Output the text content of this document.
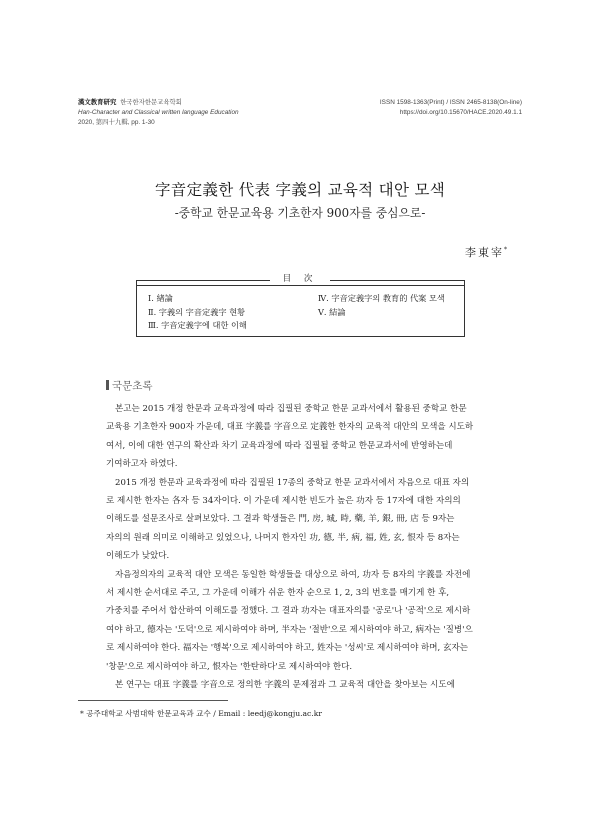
漢文教育研究 한국한자한문교육학회
Han-Character and Classical written language Education
2020, 第四十九輯, pp. 1-30
ISSN 1598-1363(Print) / ISSN 2465-8138(On-line)
https://doi.org/10.15670/HACE.2020.49.1.1
字音定義한 代表 字義의 교육적 대안 모색
-중학교 한문교육용 기초한자 900자를 중심으로-
李東宰*
目 次
Ⅰ. 緖論
Ⅱ. 字義의 字音定義字 현황
Ⅲ. 字音定義字에 대한 이해
Ⅳ. 字音定義字의 教育的 代案 모색
Ⅴ. 結論
국문초록
본고는 2015 개정 한문과 교육과정에 따라 집필된 중학교 한문 교과서에서 활용된 중학교 한문
교육용 기초한자 900자 가운데, 대표 字義를 字音으로 定義한 한자의 교육적 대안의 모색을 시도하
여서, 이에 대한 연구의 확산과 차기 교육과정에 따라 집필될 중학교 한문교과서에 반영하는데
기여하고자 하였다.
2015 개정 한문과 교육과정에 따라 집필된 17종의 중학교 한문 교과서에서 자음으로 대표 자의
로 제시한 한자는 各자 등 34자이다. 이 가운데 제시한 빈도가 높은 功자 등 17자에 대한 자의의
이해도를 설문조사로 살펴보았다. 그 결과 학생들은 門, 房, 城, 時, 藥, 羊, 銀, 冊, 店 등 9자는
자의의 원래 의미로 이해하고 있었으나, 나머지 한자인 功, 德, 半, 病, 福, 姓, 玄, 恨자 등 8자는
이해도가 낮았다.
자음정의자의 교육적 대안 모색은 동일한 학생들을 대상으로 하여, 功자 등 8자의 字義를 자전에
서 제시한 순서대로 주고, 그 가운데 이해가 쉬운 한자 순으로 1, 2, 3의 번호를 매기게 한 후,
가중치를 주어서 합산하여 이해도를 정했다. 그 결과 功자는 대표자의를 '공로'나 '공적'으로 제시하
여야 하고, 德자는 '도덕'으로 제시하여야 하며, 半자는 '절반'으로 제시하여야 하고, 病자는 '질병'으
로 제시하여야 한다. 福자는 '행복'으로 제시하여야 하고, 姓자는 '성씨'로 제시하여야 하며, 玄자는
'창문'으로 제시하여야 하고, 恨자는 '한탄하다'로 제시하여야 한다.
본 연구는 대표 字義를 字音으로 정의한 字義의 문제점과 그 교육적 대안을 찾아보는 시도에
* 공주대학교 사범대학 한문교육과 교수 / Email : leedj@kongju.ac.kr
